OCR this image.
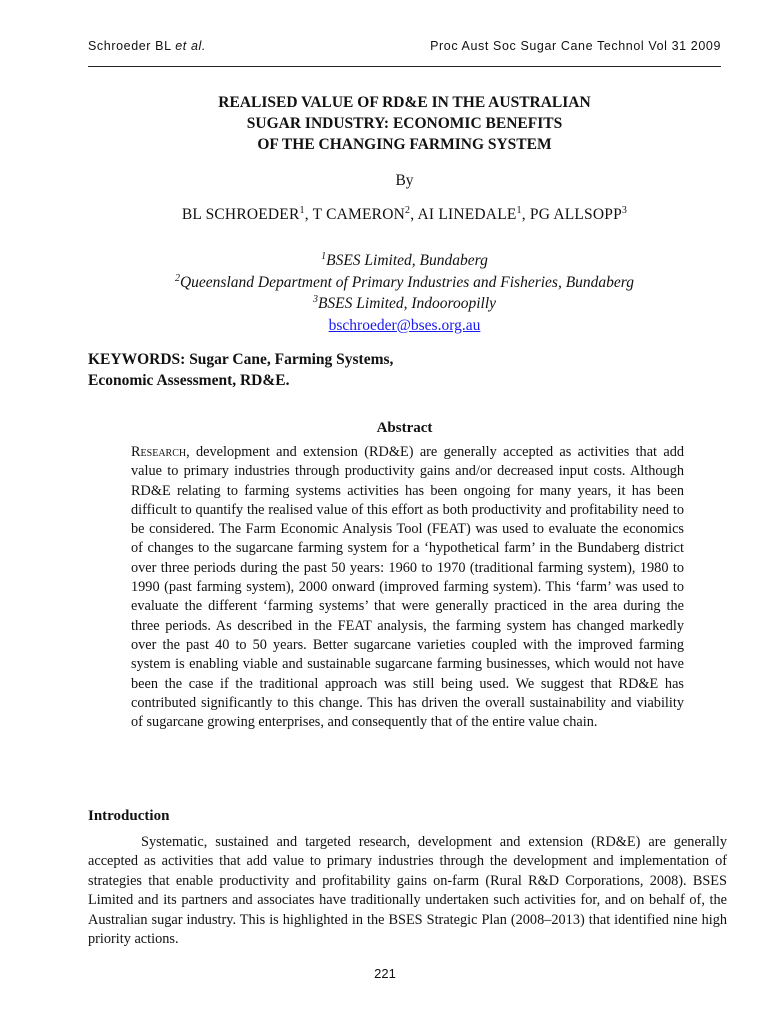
Schroeder BL et al.	Proc Aust Soc Sugar Cane Technol Vol 31 2009
REALISED VALUE OF RD&E IN THE AUSTRALIAN
SUGAR INDUSTRY: ECONOMIC BENEFITS
OF THE CHANGING FARMING SYSTEM
By
BL SCHROEDER$^1$, T CAMERON$^2$, AI LINEDALE$^1$, PG ALLSOPP$^3$
$^1$BSES Limited, Bundaberg
$^2$Queensland Department of Primary Industries and Fisheries, Bundaberg
$^3$BSES Limited, Indooroopilly
bschroeder@bses.org.au
KEYWORDS: Sugar Cane, Farming Systems,
Economic Assessment, RD&E.
Abstract

Research, development and extension (RD&E) are generally accepted as activities that add value to primary industries through productivity gains and/or decreased input costs. Although RD&E relating to farming systems activities has been ongoing for many years, it has been difficult to quantify the realised value of this effort as both productivity and profitability need to be considered. The Farm Economic Analysis Tool (FEAT) was used to evaluate the economics of changes to the sugarcane farming system for a ‘hypothetical farm’ in the Bundaberg district over three periods during the past 50 years: 1960 to 1970 (traditional farming system), 1980 to 1990 (past farming system), 2000 onward (improved farming system). This ‘farm’ was used to evaluate the different ‘farming systems’ that were generally practiced in the area during the three periods. As described in the FEAT analysis, the farming system has changed markedly over the past 40 to 50 years. Better sugarcane varieties coupled with the improved farming system is enabling viable and sustainable sugarcane farming businesses, which would not have been the case if the traditional approach was still being used. We suggest that RD&E has contributed significantly to this change. This has driven the overall sustainability and viability of sugarcane growing enterprises, and consequently that of the entire value chain.

Introduction

Systematic, sustained and targeted research, development and extension (RD&E) are generally accepted as activities that add value to primary industries through the development and implementation of strategies that enable productivity and profitability gains on-farm (Rural R&D Corporations, 2008). BSES Limited and its partners and associates have traditionally undertaken such activities for, and on behalf of, the Australian sugar industry. This is highlighted in the BSES Strategic Plan (2008–2013) that identified nine high priority actions.

221
